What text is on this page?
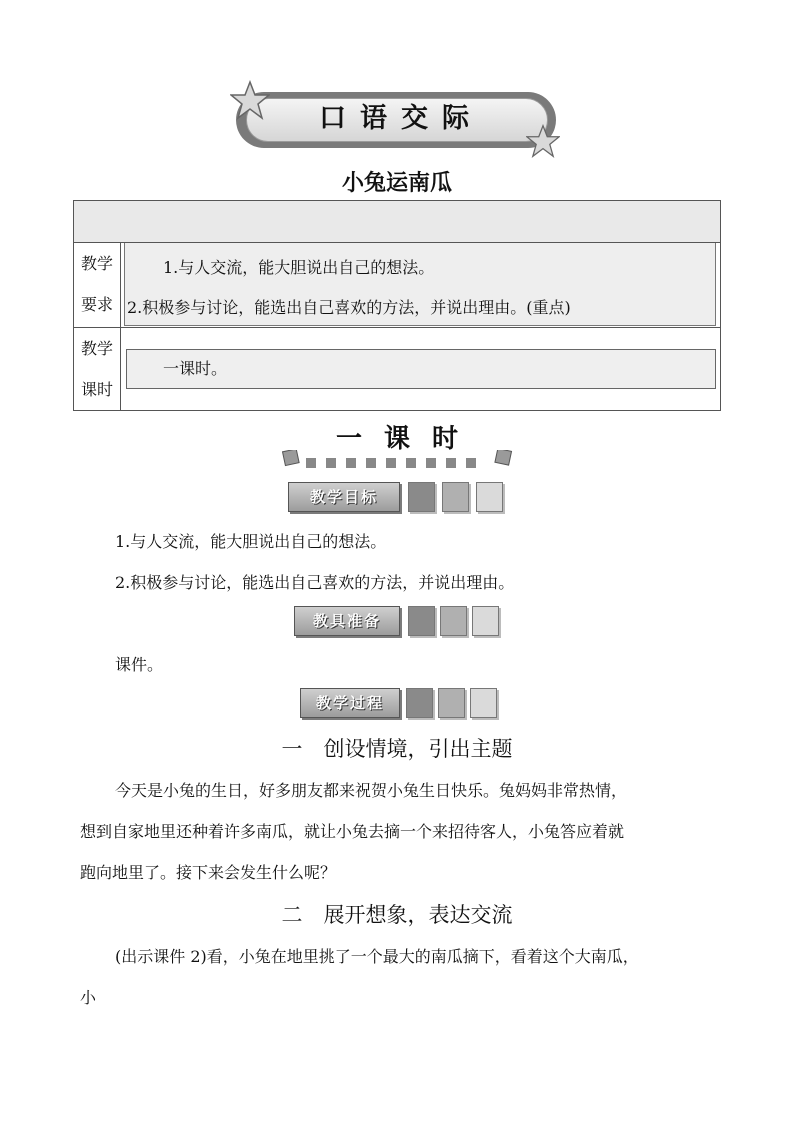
口语交际
小兔运南瓜
教学
要求
1.与人交流，能大胆说出自己的想法。
2.积极参与讨论，能选出自己喜欢的方法，并说出理由。(重点)
教学
课时
一课时。
一课时
教学目标
1.与人交流，能大胆说出自己的想法。
2.积极参与讨论，能选出自己喜欢的方法，并说出理由。
教具准备
课件。
教学过程
一　创设情境，引出主题
今天是小兔的生日，好多朋友都来祝贺小兔生日快乐。兔妈妈非常热情，
想到自家地里还种着许多南瓜，就让小兔去摘一个来招待客人，小兔答应着就
跑向地里了。接下来会发生什么呢？
二　展开想象，表达交流
(出示课件 2)看，小兔在地里挑了一个最大的南瓜摘下，看着这个大南瓜，
小
